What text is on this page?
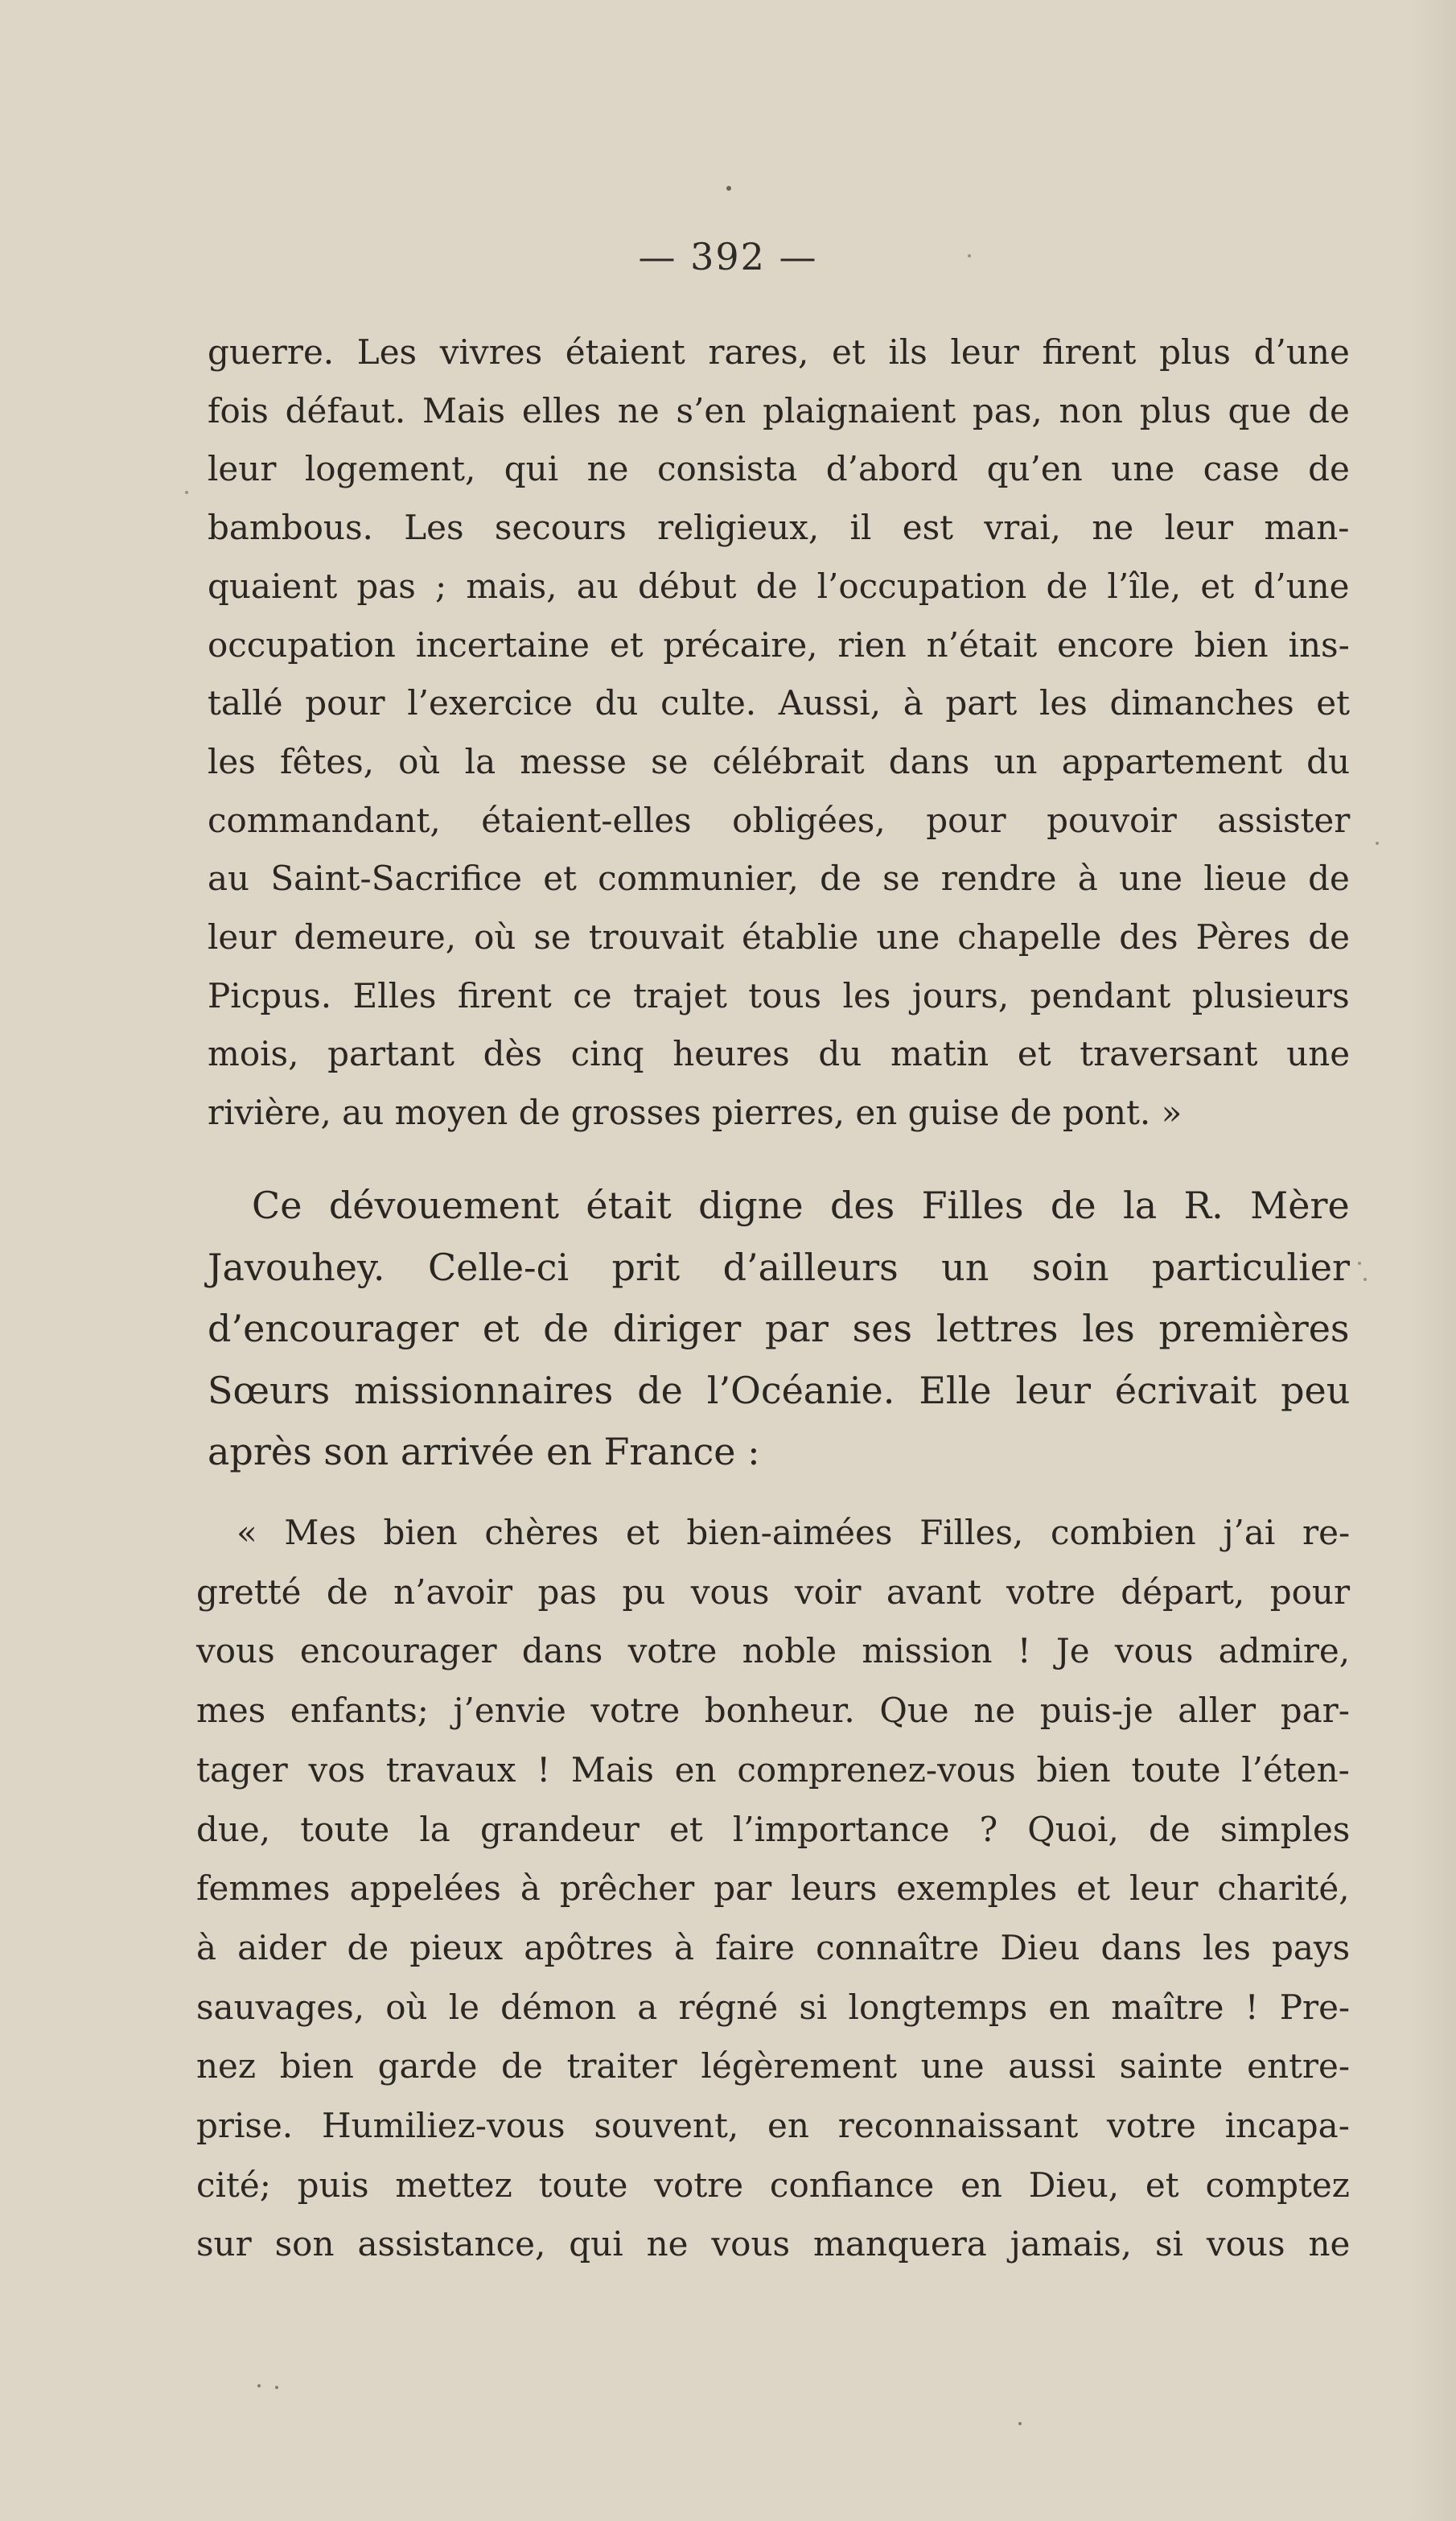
— 392 —
guerre. Les vivres étaient rares, et ils leur firent plus d’une
fois défaut. Mais elles ne s’en plaignaient pas, non plus que de
leur logement, qui ne consista d’abord qu’en une case de
bambous. Les secours religieux, il est vrai, ne leur man-
quaient pas ; mais, au début de l’occupation de l’île, et d’une
occupation incertaine et précaire, rien n’était encore bien ins-
tallé pour l’exercice du culte. Aussi, à part les dimanches et
les fêtes, où la messe se célébrait dans un appartement du
commandant, étaient-elles obligées, pour pouvoir assister
au Saint-Sacrifice et communier, de se rendre à une lieue de
leur demeure, où se trouvait établie une chapelle des Pères de
Picpus. Elles firent ce trajet tous les jours, pendant plusieurs
mois, partant dès cinq heures du matin et traversant une
rivière, au moyen de grosses pierres, en guise de pont. »
Ce dévouement était digne des Filles de la R. Mère
Javouhey. Celle-ci prit d’ailleurs un soin particulier
d’encourager et de diriger par ses lettres les premières
Sœurs missionnaires de l’Océanie. Elle leur écrivait peu
après son arrivée en France :
« Mes bien chères et bien-aimées Filles, combien j’ai re-
gretté de n’avoir pas pu vous voir avant votre départ, pour
vous encourager dans votre noble mission ! Je vous admire,
mes enfants; j’envie votre bonheur. Que ne puis-je aller par-
tager vos travaux ! Mais en comprenez-vous bien toute l’éten-
due, toute la grandeur et l’importance ? Quoi, de simples
femmes appelées à prêcher par leurs exemples et leur charité,
à aider de pieux apôtres à faire connaître Dieu dans les pays
sauvages, où le démon a régné si longtemps en maître ! Pre-
nez bien garde de traiter légèrement une aussi sainte entre-
prise. Humiliez-vous souvent, en reconnaissant votre incapa-
cité; puis mettez toute votre confiance en Dieu, et comptez
sur son assistance, qui ne vous manquera jamais, si vous ne
